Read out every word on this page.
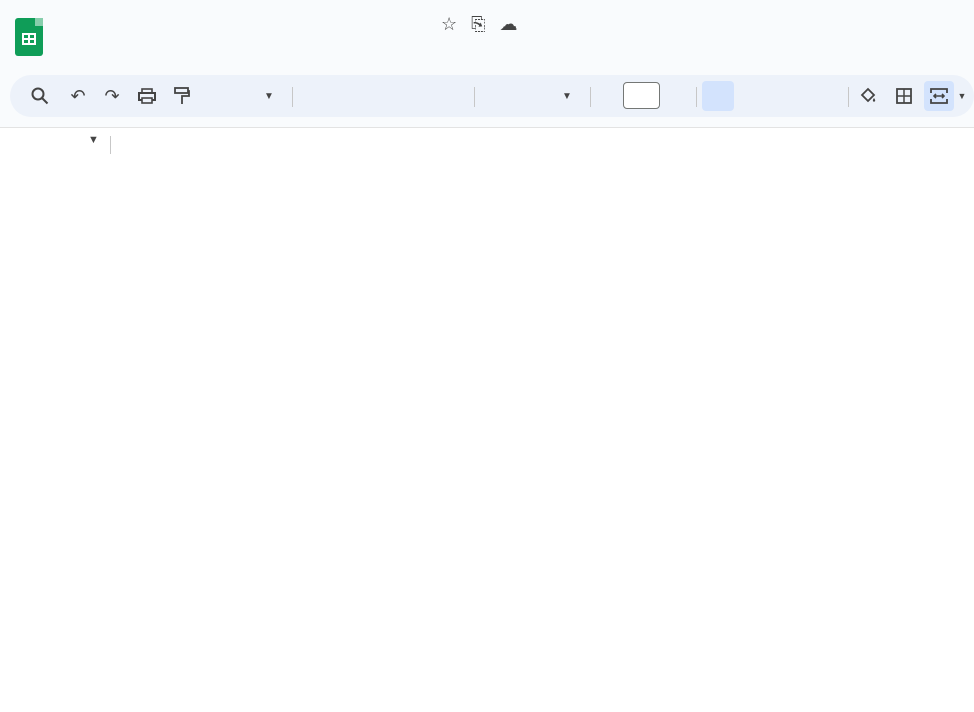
☆ ⎘ ☁
↶ ↷	▼	▼	▼
▼
